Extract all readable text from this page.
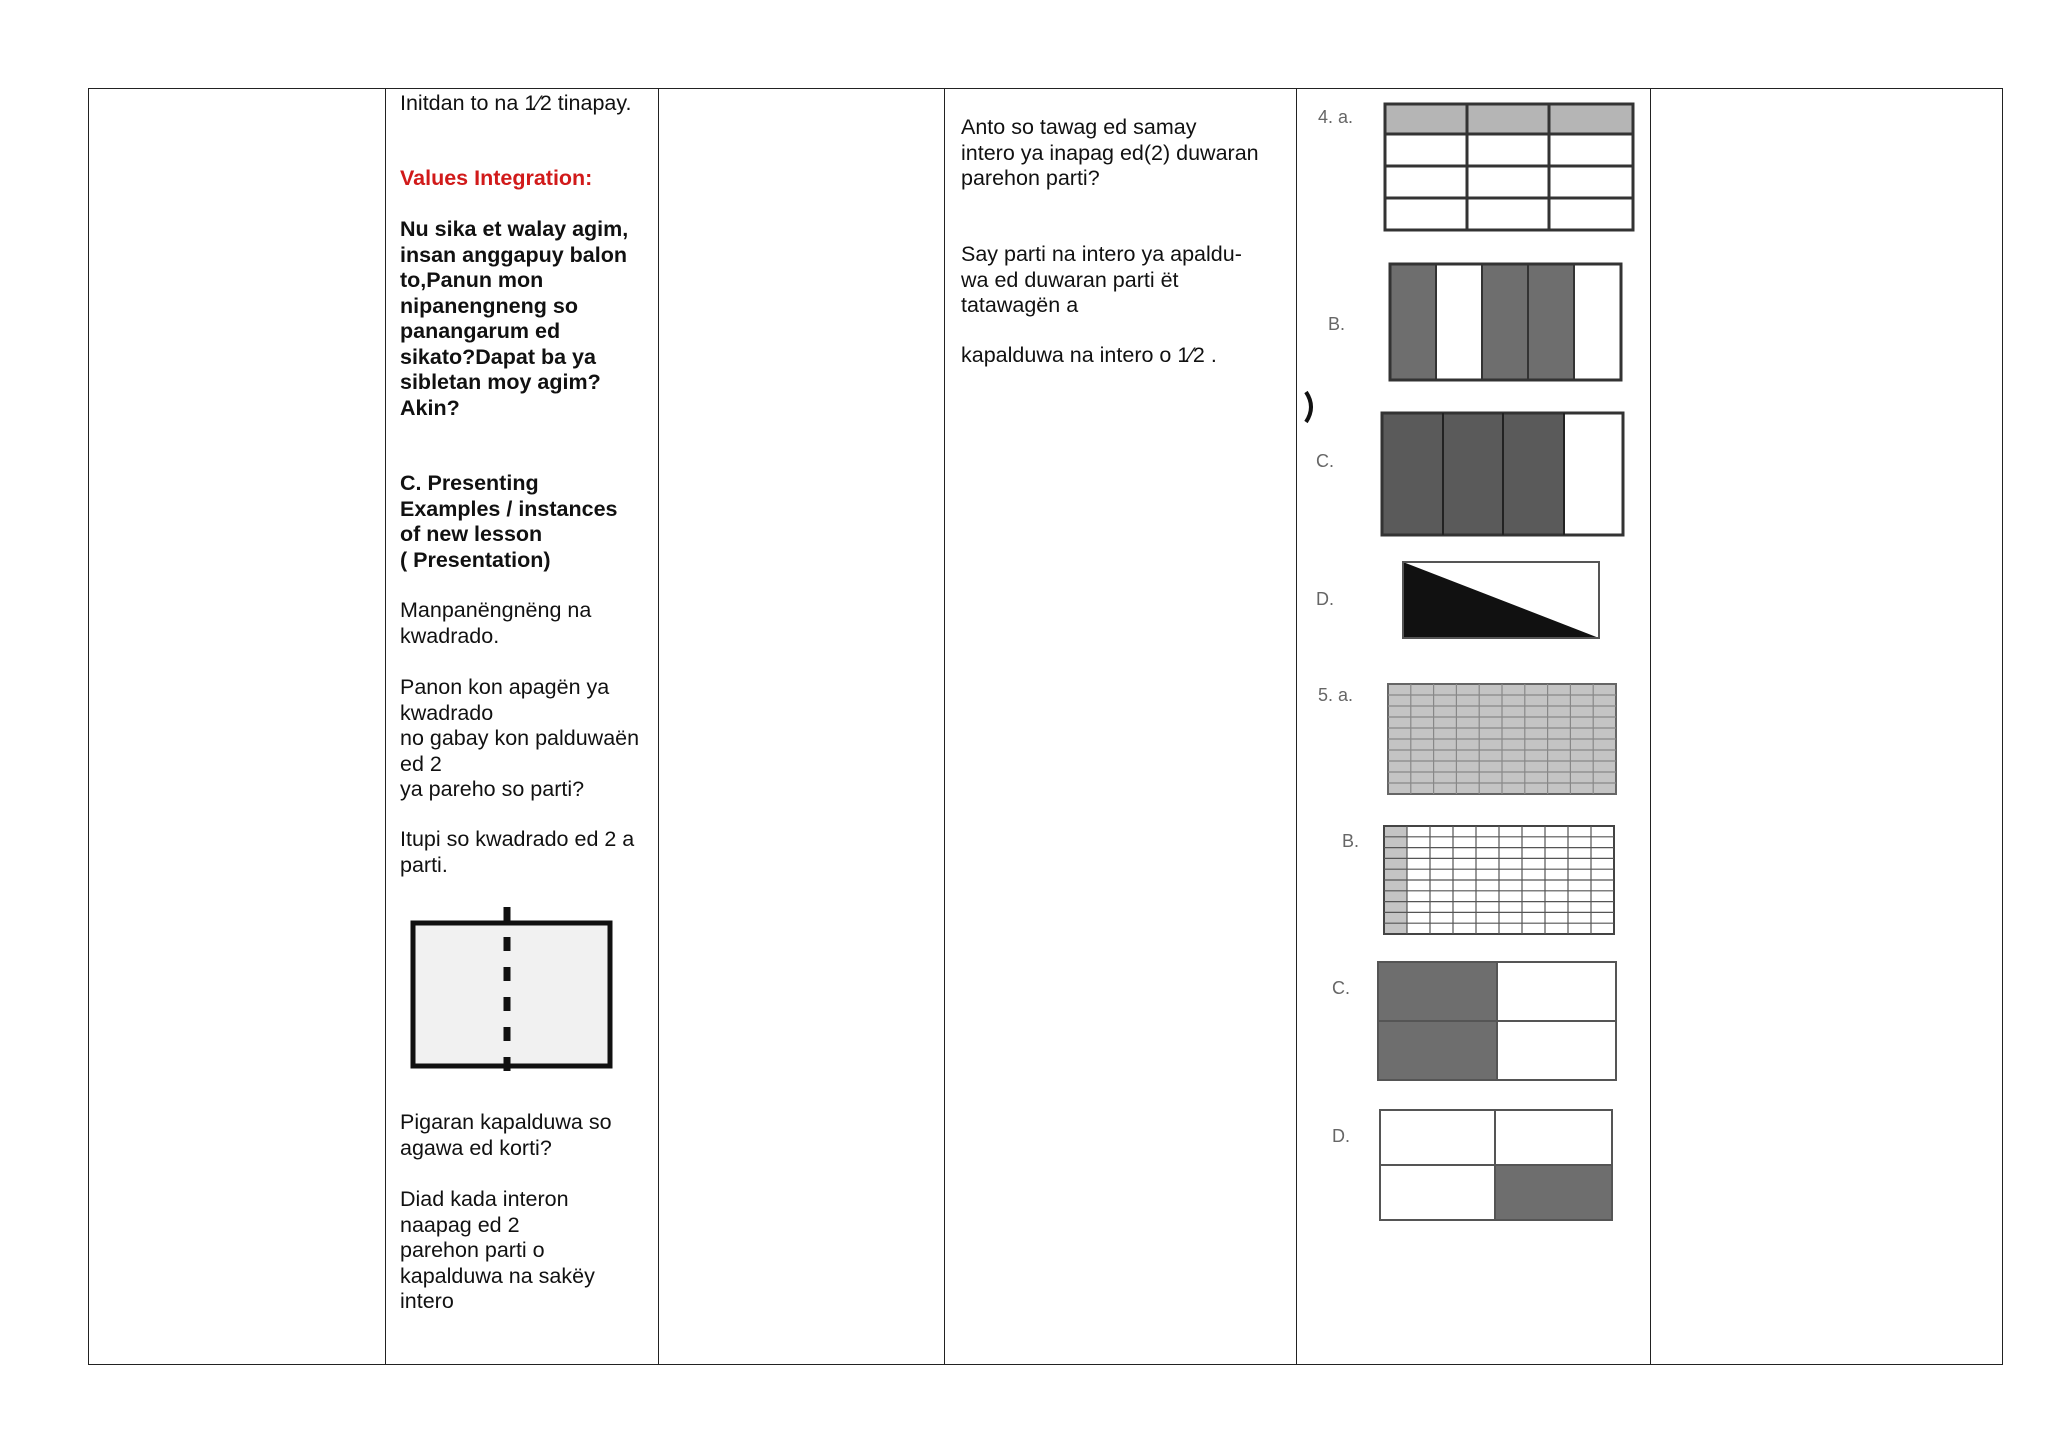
Initdan to na 1⁄2 tinapay.
Values Integration:
Nu sika et walay agim,
insan anggapuy balon
to,Panun mon
nipanengneng so
panangarum ed
sikato?Dapat ba ya
sibletan moy agim?
Akin?
C. Presenting
Examples / instances
of new lesson
( Presentation)
Manpanëngnëng na
kwadrado.
Panon kon apagën ya
kwadrado
no gabay kon palduwaën
ed 2
ya pareho so parti?
Itupi so kwadrado ed 2 a
parti.
Pigaran kapalduwa so
agawa ed korti?
Diad kada interon
naapag ed 2
parehon parti o
kapalduwa na sakëy
intero
Anto so tawag ed samay
intero ya inapag ed(2) duwaran
parehon parti?
Say parti na intero ya apaldu-
wa ed duwaran parti ët
tatawagën a
kapalduwa na intero o 1⁄2 .
4. a.
B.
C.
D.
5. a.
B.
C.
D.
